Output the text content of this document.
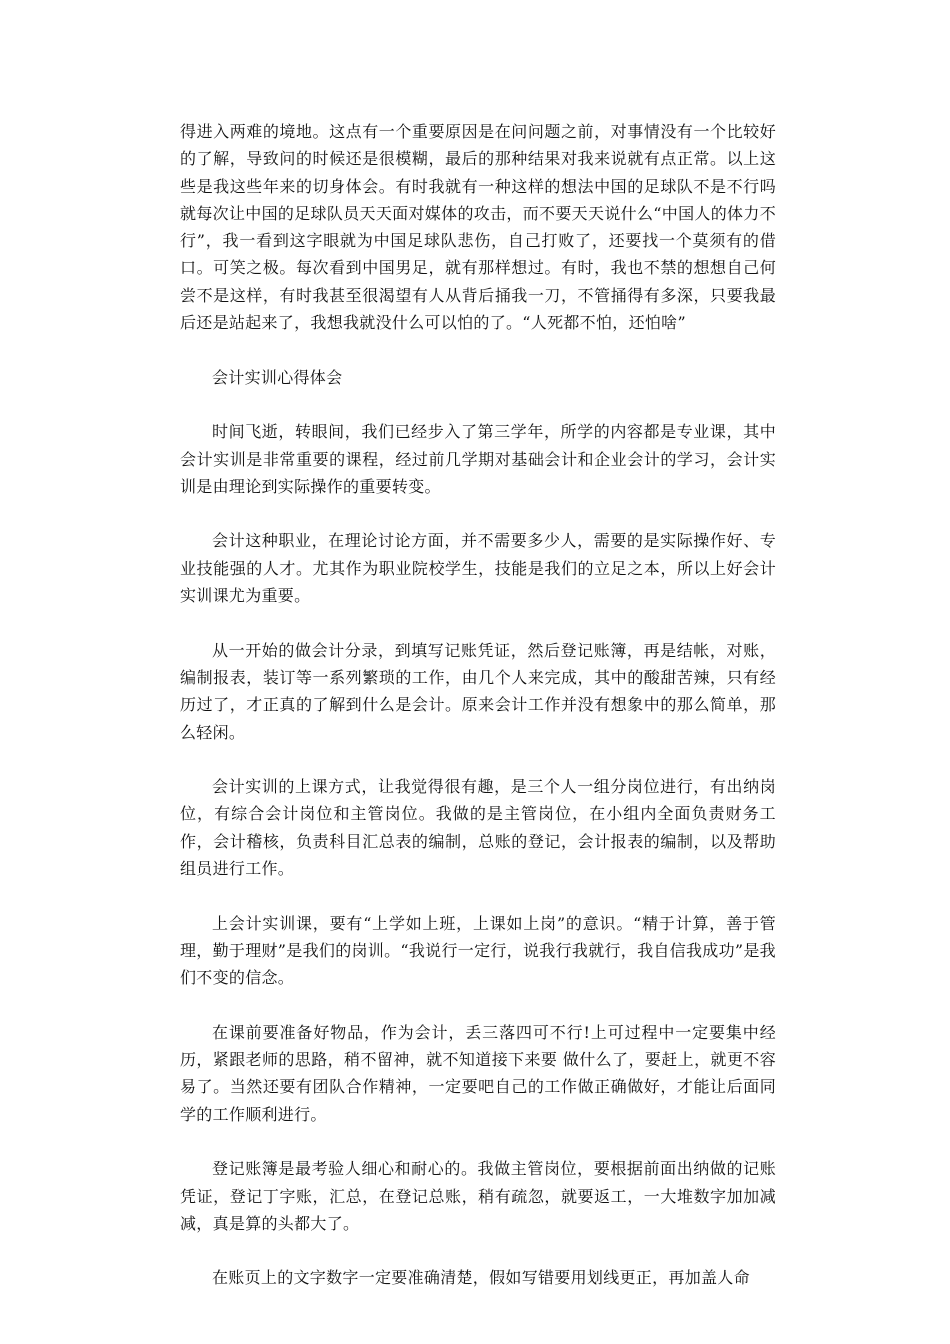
得进入两难的境地。这点有一个重要原因是在问问题之前，对事情没有一个比较好的了解，导致问的时候还是很模糊，最后的那种结果对我来说就有点正常。以上这些是我这些年来的切身体会。有时我就有一种这样的想法中国的足球队不是不行吗就每次让中国的足球队员天天面对媒体的攻击，而不要天天说什么“中国人的体力不行”，我一看到这字眼就为中国足球队悲伤，自己打败了，还要找一个莫须有的借口。可笑之极。每次看到中国男足，就有那样想过。有时，我也不禁的想想自己何尝不是这样，有时我甚至很渴望有人从背后捅我一刀，不管捅得有多深，只要我最后还是站起来了，我想我就没什么可以怕的了。“人死都不怕，还怕啥”

会计实训心得体会

时间飞逝，转眼间，我们已经步入了第三学年，所学的内容都是专业课，其中会计实训是非常重要的课程，经过前几学期对基础会计和企业会计的学习，会计实训是由理论到实际操作的重要转变。

会计这种职业，在理论讨论方面，并不需要多少人，需要的是实际操作好、专业技能强的人才。尤其作为职业院校学生，技能是我们的立足之本，所以上好会计实训课尤为重要。

从一开始的做会计分录，到填写记账凭证，然后登记账簿，再是结帐，对账，编制报表，装订等一系列繁琐的工作，由几个人来完成，其中的酸甜苦辣，只有经历过了，才正真的了解到什么是会计。原来会计工作并没有想象中的那么简单，那么轻闲。

会计实训的上课方式，让我觉得很有趣，是三个人一组分岗位进行，有出纳岗位，有综合会计岗位和主管岗位。我做的是主管岗位，在小组内全面负责财务工作，会计稽核，负责科目汇总表的编制，总账的登记，会计报表的编制，以及帮助组员进行工作。

上会计实训课，要有“上学如上班，上课如上岗”的意识。“精于计算，善于管理，勤于理财”是我们的岗训。“我说行一定行，说我行我就行，我自信我成功”是我们不变的信念。

在课前要准备好物品，作为会计，丢三落四可不行!上可过程中一定要集中经历，紧跟老师的思路，稍不留神，就不知道接下来要 做什么了，要赶上，就更不容易了。当然还要有团队合作精神，一定要吧自己的工作做正确做好，才能让后面同学的工作顺利进行。

登记账簿是最考验人细心和耐心的。我做主管岗位，要根据前面出纳做的记账凭证，登记丁字账，汇总，在登记总账，稍有疏忽，就要返工，一大堆数字加加减减，真是算的头都大了。

在账页上的文字数字一定要准确清楚，假如写错要用划线更正，再加盖人命
